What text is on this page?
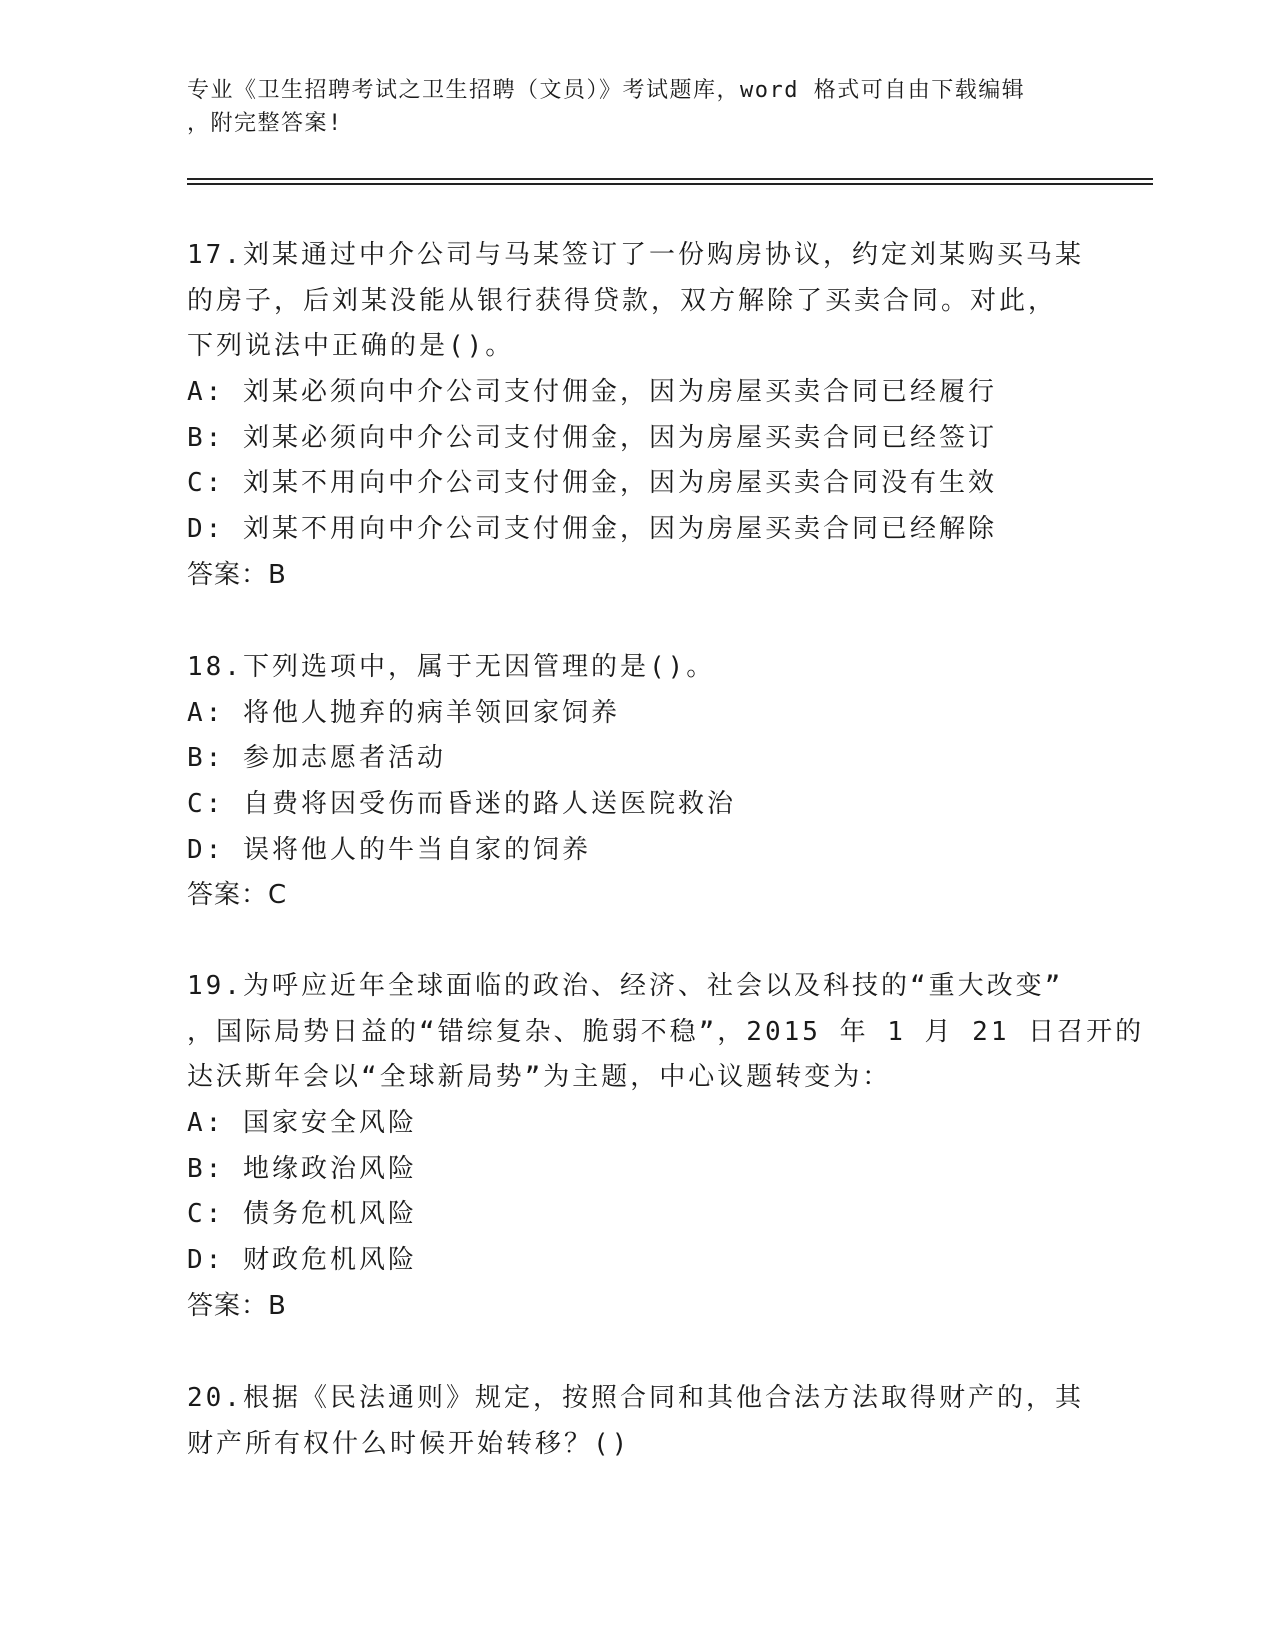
专业《卫生招聘考试之卫生招聘（文员）》考试题库，word 格式可自由下载编辑
，附完整答案!
17.刘某通过中介公司与马某签订了一份购房协议，约定刘某购买马某
的房子，后刘某没能从银行获得贷款，双方解除了买卖合同。对此，
下列说法中正确的是()。
A: 刘某必须向中介公司支付佣金，因为房屋买卖合同已经履行
B: 刘某必须向中介公司支付佣金，因为房屋买卖合同已经签订
C: 刘某不用向中介公司支付佣金，因为房屋买卖合同没有生效
D: 刘某不用向中介公司支付佣金，因为房屋买卖合同已经解除
答案：B
18.下列选项中，属于无因管理的是()。
A: 将他人抛弃的病羊领回家饲养
B: 参加志愿者活动
C: 自费将因受伤而昏迷的路人送医院救治
D: 误将他人的牛当自家的饲养
答案：C
19.为呼应近年全球面临的政治、经济、社会以及科技的“重大改变”
，国际局势日益的“错综复杂、脆弱不稳”，2015 年 1 月 21 日召开的
达沃斯年会以“全球新局势”为主题，中心议题转变为：
A: 国家安全风险
B: 地缘政治风险
C: 债务危机风险
D: 财政危机风险
答案：B
20.根据《民法通则》规定，按照合同和其他合法方法取得财产的，其
财产所有权什么时候开始转移？()
